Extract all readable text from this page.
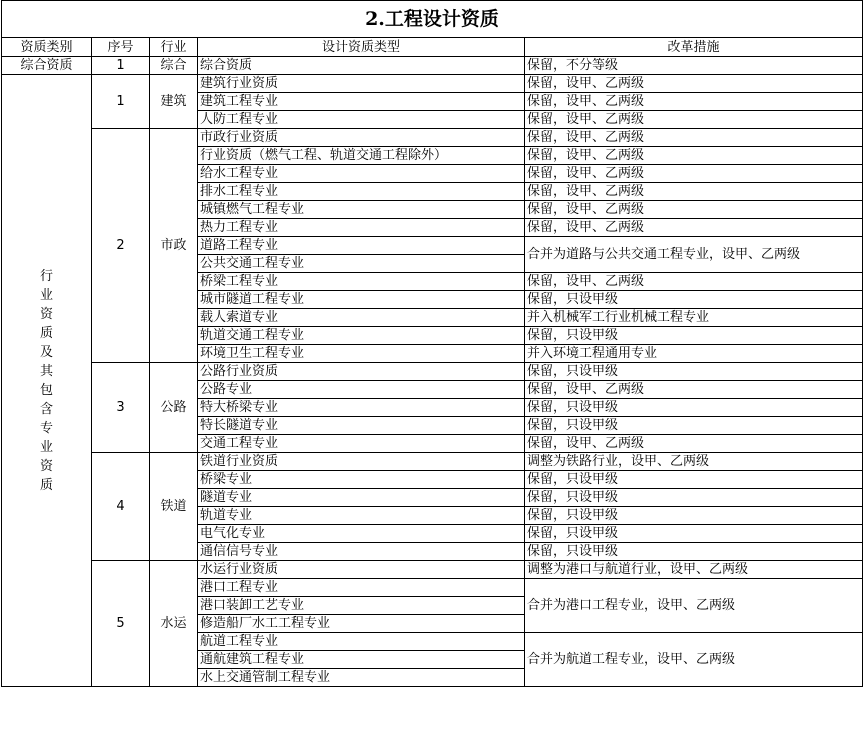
2.工程设计资质				
资质类别	序号	行业	设计资质类型	改革措施
综合资质	1	综合	综合资质	保留，不分等级
行业资质及其包含专业资质	1	建筑	建筑行业资质	保留，设甲、乙两级
			建筑工程专业	保留，设甲、乙两级
			人防工程专业	保留，设甲、乙两级
	2	市政	市政行业资质	保留，设甲、乙两级
			行业资质（燃气工程、轨道交通工程除外）	保留，设甲、乙两级
			给水工程专业	保留，设甲、乙两级
			排水工程专业	保留，设甲、乙两级
			城镇燃气工程专业	保留，设甲、乙两级
			热力工程专业	保留，设甲、乙两级
			道路工程专业	合并为道路与公共交通工程专业，设甲、乙两级
			公共交通工程专业	
			桥梁工程专业	保留，设甲、乙两级
			城市隧道工程专业	保留，只设甲级
			载人索道专业	并入机械军工行业机械工程专业
			轨道交通工程专业	保留，只设甲级
			环境卫生工程专业	并入环境工程通用专业
	3	公路	公路行业资质	保留，只设甲级
			公路专业	保留，设甲、乙两级
			特大桥梁专业	保留，只设甲级
			特长隧道专业	保留，只设甲级
			交通工程专业	保留，设甲、乙两级
	4	铁道	铁道行业资质	调整为铁路行业，设甲、乙两级
			桥梁专业	保留，只设甲级
			隧道专业	保留，只设甲级
			轨道专业	保留，只设甲级
			电气化专业	保留，只设甲级
			通信信号专业	保留，只设甲级
	5	水运	水运行业资质	调整为港口与航道行业，设甲、乙两级
			港口工程专业	合并为港口工程专业，设甲、乙两级
			港口装卸工艺专业	
			修造船厂水工工程专业	
			航道工程专业	合并为航道工程专业，设甲、乙两级
			通航建筑工程专业	
			水上交通管制工程专业	
